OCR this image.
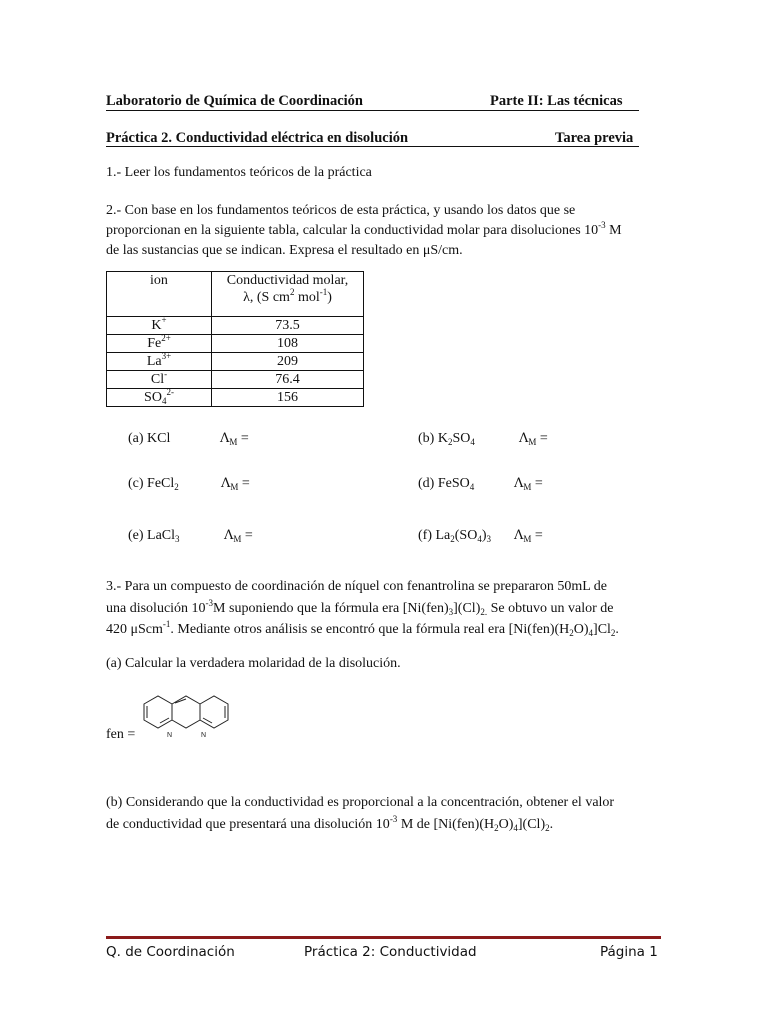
Laboratorio de Química de Coordinación	Parte II: Las técnicas
Práctica 2. Conductividad eléctrica en disolución	Tarea previa

1.- Leer los fundamentos teóricos de la práctica

2.- Con base en los fundamentos teóricos de esta práctica, y usando los datos que se

proporcionan en la siguiente tabla, calcular la conductividad molar para disoluciones $10^{-3}$ M

de las sustancias que se indican. Expresa el resultado en μS/cm.

ion	Conductividad molar,
λ, (S $cm^2$ mol$^{-1}$)

K+	73.5
$Fe^{2+}$	108
$La^{3+}$	209
Cl-	76.4
$SO_4^{2-}$	156
(a) KCl	$\Lambda_M$ =	(b) $K_2SO_4$	$\Lambda_M$ =
(c) FeCl$_2$	$\Lambda_M$ =	(d) FeSO$_4$	$\Lambda_M$ =
(e) LaCl$_3$	$\Lambda_M$ =	(f) $La_2(SO_4)_3$ $\Lambda_M$ =

3.- Para un compuesto de coordinación de níquel con fenantrolina se prepararon 50mL de

una disolución $10^{-3}M$ suponiendo que la fórmula era $[Ni(fen)_3](Cl)_{2.}$ Se obtuvo un valor de

420 μScm$^{-1}$. Mediante otros análisis se encontró que la fórmula real era $[Ni(fen)(H_2O)_4]Cl_2$.

(a) Calcular la verdadera molaridad de la disolución.

fen =	N	N

(b) Considerando que la conductividad es proporcional a la concentración, obtener el valor

de conductividad que presentará una disolución $10^{-3}$ M de $[Ni(fen)(H_2O)_4](Cl)_2$.

Q. de Coordinación	Práctica 2: Conductividad	Página 1
